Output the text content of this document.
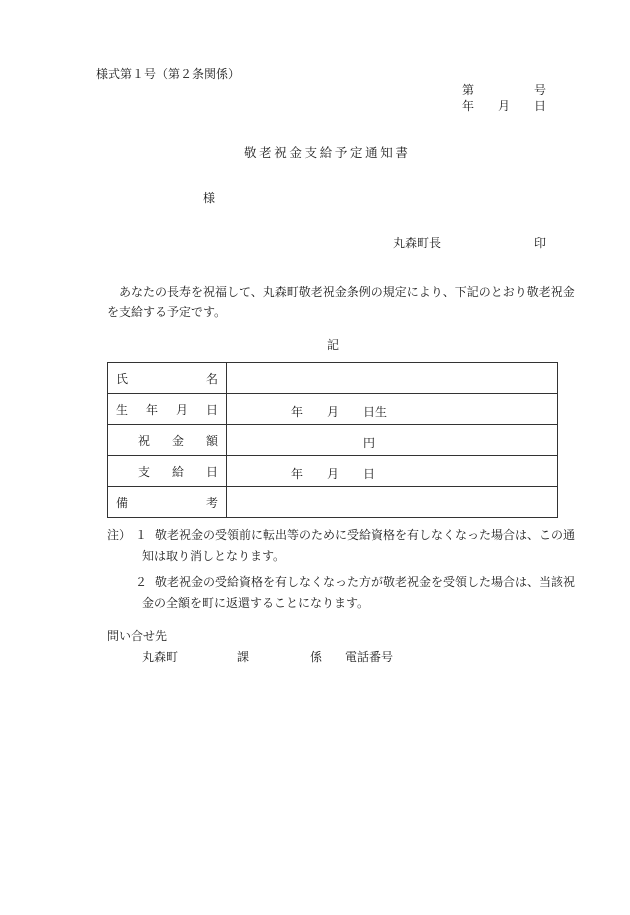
様式第１号（第２条関係）
第	号
年 月 日
敬 老 祝 金 支 給 予 定 通 知 書
様
丸森町長	印
あなたの長寿を祝福して、丸森町敬老祝金条例の規定により、下記のとおり敬老祝金
を支給する予定です。
記
氏 名	

生 年 月 日	年 月 日生

祝 金 額	円

支 給 日	年 月 日

備 考	

注） １ 敬老祝金の受領前に転出等のために受給資格を有しなくなった場合は、この通
知は取り消しとなります。
２ 敬老祝金の受給資格を有しなくなった方が敬老祝金を受領した場合は、当該祝
金の全額を町に返還することになります。
問い合せ先
丸森町	課	係 電話番号
